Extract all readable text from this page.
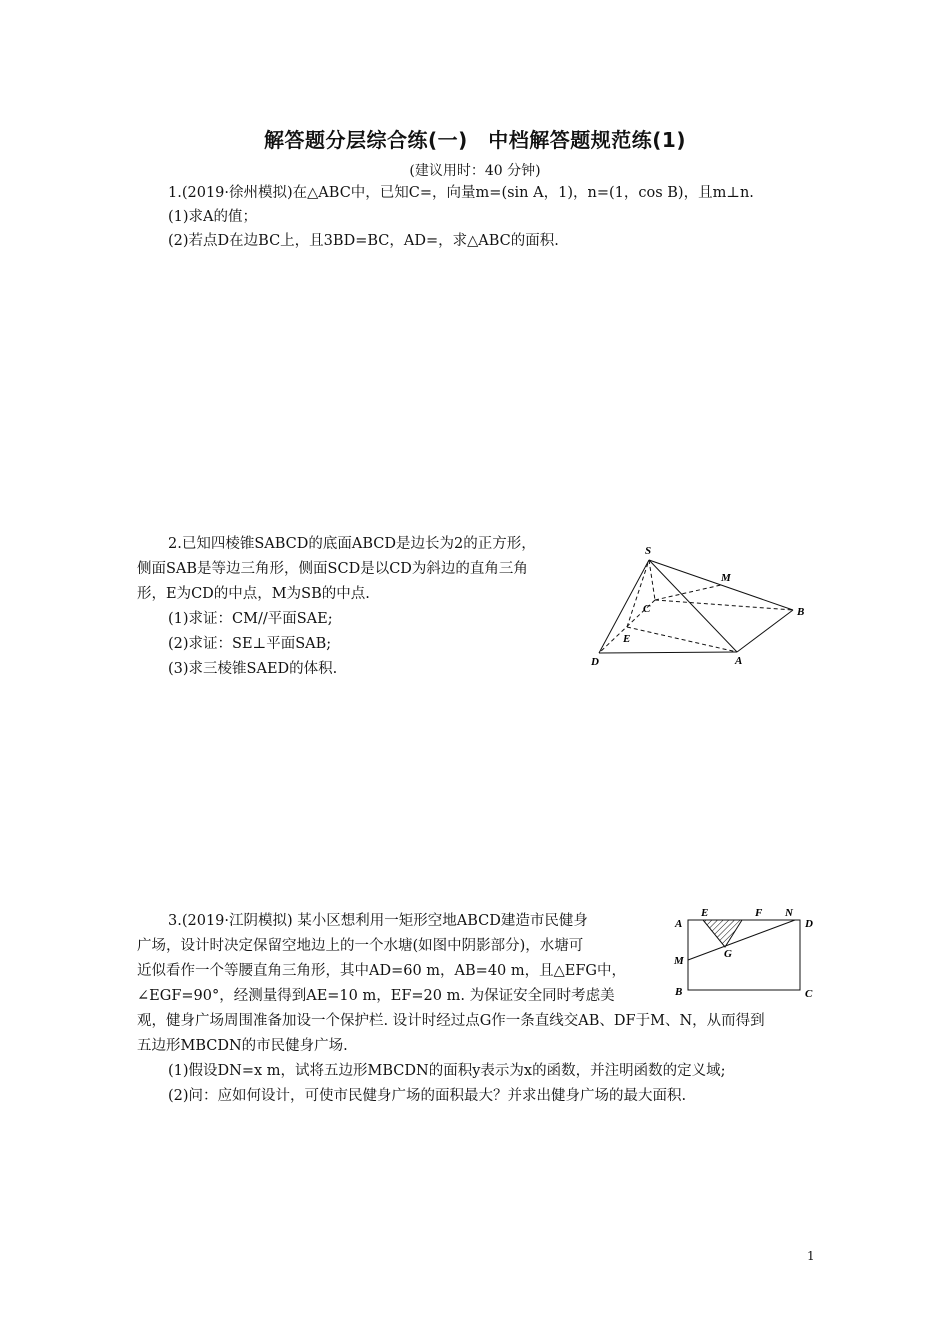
解答题分层综合练(一)　中档解答题规范练(1)
(建议用时：40 分钟)
1.(2019·徐州模拟)在△ABC中，已知C=，向量m=(sin A，1)，n=(1，cos B)，且m⊥n.
(1)求A的值；
(2)若点D在边BC上，且3BD=BC，AD=，求△ABC的面积.
2.已知四棱锥SABCD的底面ABCD是边长为2的正方形，
侧面SAB是等边三角形，侧面SCD是以CD为斜边的直角三角
形，E为CD的中点，M为SB的中点.
(1)求证：CM//平面SAE;
(2)求证：SE⊥平面SAB;
(3)求三棱锥SAED的体积.
S
M
C	B
E
D	A
3.(2019·江阴模拟) 某小区想利用一矩形空地ABCD建造市民健身
广场，设计时决定保留空地边上的一个水塘(如图中阴影部分)，水塘可
近似看作一个等腰直角三角形，其中AD=60 m，AB=40 m，且△EFG中，
∠EGF=90°，经测量得到AE=10 m，EF=20 m. 为保证安全同时考虑美
观，健身广场周围准备加设一个保护栏. 设计时经过点G作一条直线交AB、DF于M、N，从而得到
五边形MBCDN的市民健身广场.
(1)假设DN=x m，试将五边形MBCDN的面积y表示为x的函数，并注明函数的定义域;
(2)问：应如何设计，可使市民健身广场的面积最大？并求出健身广场的最大面积.
E	F N
A	D
M
G
B	C
1
